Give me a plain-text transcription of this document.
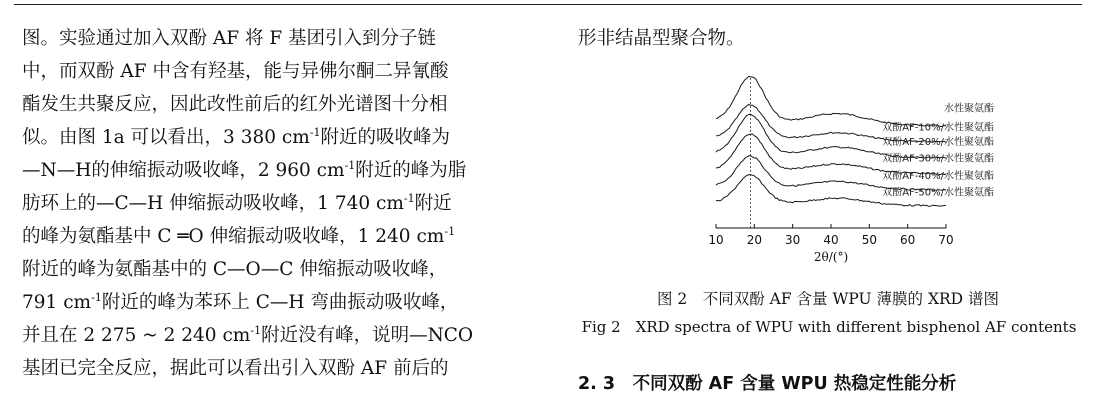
图。实验通过加入双酚 AF 将 F 基团引入到分子链
中，而双酚 AF 中含有羟基，能与异佛尔酮二异氰酸
酯发生共聚反应，因此改性前后的红外光谱图十分相
似。由图 1a 可以看出，3 380 $cm^{-1}$附近的吸收峰为
—N—H的伸缩振动吸收峰，2 960 $cm^{-1}$附近的峰为脂
肪环上的—C—H 伸缩振动吸收峰，1 740 $cm^{-1}$附近
的峰为氨酯基中 C ═O 伸缩振动吸收峰，1 240 $cm^{-1}$
附近的峰为氨酯基中的 C—O—C 伸缩振动吸收峰，
791 $cm^{-1}$附近的峰为苯环上 C—H 弯曲振动吸收峰，
并且在 2 275 ~ 2 240 $cm^{-1}$附近没有峰，说明—NCO
基团已完全反应，据此可以看出引入双酚 AF 前后的
形非结晶型聚合物。
10 20 30 40 50 60 70
2θ/(°)
水性聚氨酯
双酚AF-10%/水性聚氨酯
双酚AF-20%/水性聚氨酯
双酚AF-30%/水性聚氨酯
双酚AF-40%/水性聚氨酯
双酚AF-50%/水性聚氨酯
图 2　不同双酚 AF 含量 WPU 薄膜的 XRD 谱图
Fig 2　XRD spectra of WPU with different bisphenol AF contents
2. 3　不同双酚 AF 含量 WPU 热稳定性能分析
